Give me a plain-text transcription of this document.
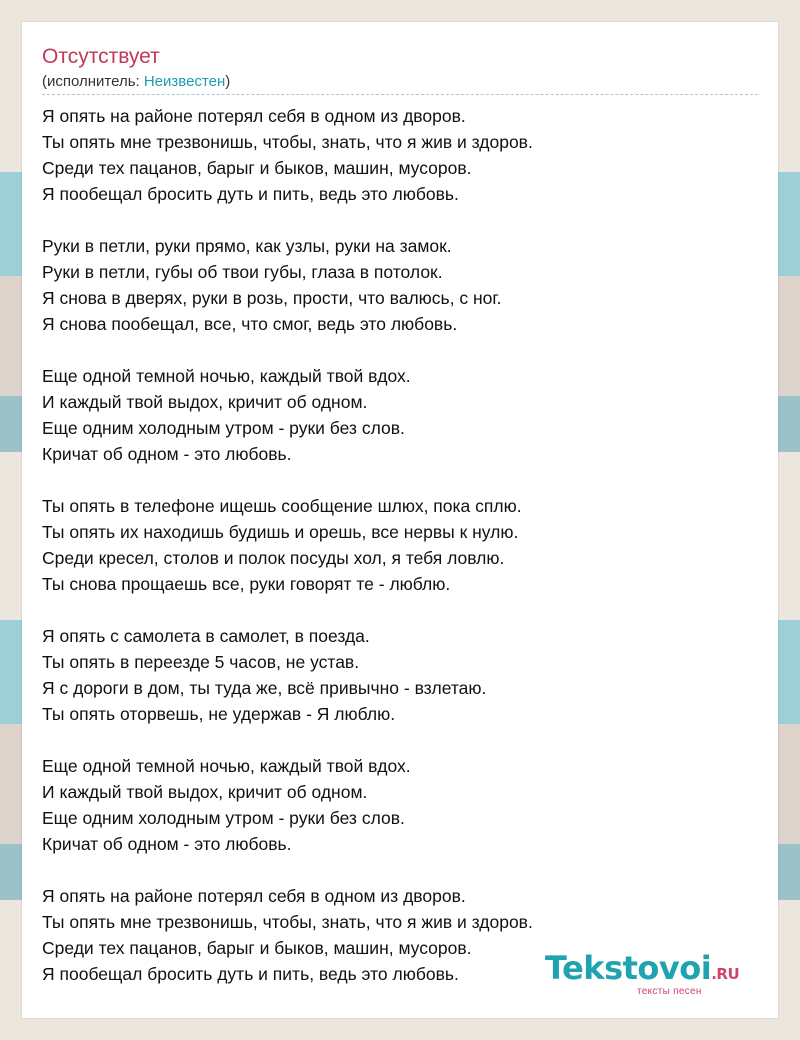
Отсутствует
(исполнитель: Неизвестен)
Я опять на районе потерял себя в одном из дворов.
Ты опять мне трезвонишь, чтобы, знать, что я жив и здоров.
Среди тех пацанов, барыг и быков, машин, мусоров.
Я пообещал бросить дуть и пить, ведь это любовь.
Руки в петли, руки прямо, как узлы, руки на замок.
Руки в петли, губы об твои губы, глаза в потолок.
Я снова в дверях, руки в розь, прости, что валюсь, с ног.
Я снова пообещал, все, что смог, ведь это любовь.
Еще одной темной ночью, каждый твой вдох.
И каждый твой выдох, кричит об одном.
Еще одним холодным утром - руки без слов.
Кричат об одном - это любовь.
Ты опять в телефоне ищешь сообщение шлюх, пока сплю.
Ты опять их находишь будишь и орешь, все нервы к нулю.
Среди кресел, столов и полок посуды хол, я тебя ловлю.
Ты снова прощаешь все, руки говорят те - люблю.
Я опять с самолета в самолет, в поезда.
Ты опять в переезде 5 часов, не устав.
Я с дороги в дом, ты туда же, всё привычно - взлетаю.
Ты опять оторвешь, не удержав - Я люблю.
Еще одной темной ночью, каждый твой вдох.
И каждый твой выдох, кричит об одном.
Еще одним холодным утром - руки без слов.
Кричат об одном - это любовь.
Я опять на районе потерял себя в одном из дворов.
Ты опять мне трезвонишь, чтобы, знать, что я жив и здоров.
Среди тех пацанов, барыг и быков, машин, мусоров.
Я пообещал бросить дуть и пить, ведь это любовь.	Tekstovoi.RU
тексты песен
